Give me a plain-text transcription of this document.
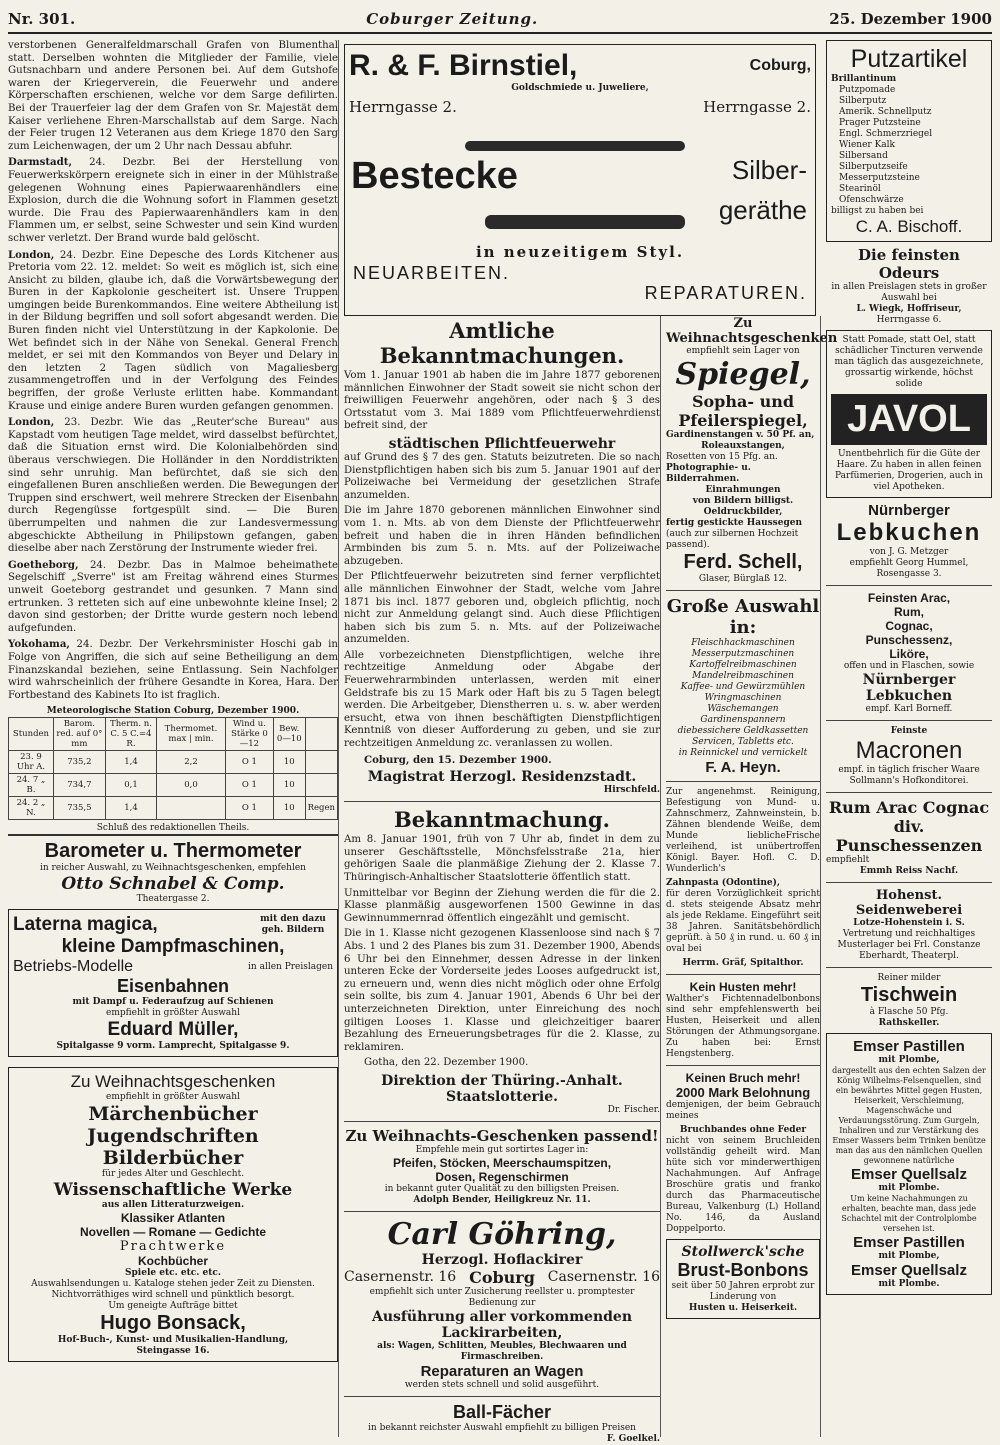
Nr. 301.	Coburger Zeitung.	25. Dezember 1900

verstorbenen Generalfeldmarschall Grafen von Blumenthal statt. Derselben wohnten die Mitglieder der Familie, viele Gutsnachbarn und andere Personen bei. Auf dem Gutshofe waren der Kriegerverein, die Feuerwehr und andere Körperschaften erschienen, welche vor dem Sarge defilirten. Bei der Trauerfeier lag der dem Grafen von Sr. Majestät dem Kaiser verliehene Ehren-Marschallstab auf dem Sarge. Nach der Feier trugen 12 Veteranen aus dem Kriege 1870 den Sarg zum Leichenwagen, der um 2 Uhr nach Dessau abfuhr.

Darmstadt, 24. Dezbr. Bei der Herstellung von Feuerwerkskörpern ereignete sich in einer in der Mühlstraße gelegenen Wohnung eines Papierwaarenhändlers eine Explosion, durch die die Wohnung sofort in Flammen gesetzt wurde. Die Frau des Papierwaarenhändlers kam in den Flammen um, er selbst, seine Schwester und sein Kind wurden schwer verletzt. Der Brand wurde bald gelöscht.

London, 24. Dezbr. Eine Depesche des Lords Kitchener aus Pretoria vom 22. 12. meldet: So weit es möglich ist, sich eine Ansicht zu bilden, glaube ich, daß die Vorwärtsbewegung der Buren in der Kapkolonie gescheitert ist. Unsere Truppen umgingen beide Burenkommandos. Eine weitere Abtheilung ist in der Bildung begriffen und soll sofort abgesandt werden. Die Buren finden nicht viel Unterstützung in der Kapkolonie. De Wet befindet sich in der Nähe von Senekal. General French meldet, er sei mit den Kommandos von Beyer und Delary in den letzten 2 Tagen südlich von Magaliesberg zusammengetroffen und in der Verfolgung des Feindes begriffen, der große Verluste erlitten habe. Kommandant Krause und einige andere Buren wurden gefangen genommen.

London, 23. Dezbr. Wie das „Reuter'sche Bureau" aus Kapstadt vom heutigen Tage meldet, wird dasselbst befürchtet, daß die Situation ernst wird. Die Kolonialbehörden sind überaus verschwiegen. Die Holländer in den Norddistrikten sind sehr unruhig. Man befürchtet, daß sie sich den eingefallenen Buren anschließen werden. Die Bewegungen der Truppen sind erschwert, weil mehrere Strecken der Eisenbahn durch Regengüsse fortgespült sind. — Die Buren überrumpelten und nahmen die zur Landesvermessung abgeschickte Abtheilung in Philipstown gefangen, gaben dieselbe aber nach Zerstörung der Instrumente wieder frei.

Goetheborg, 24. Dezbr. Das in Malmoe beheimathete Segelschiff „Sverre" ist am Freitag während eines Sturmes unweit Goeteborg gestrandet und gesunken. 7 Mann sind ertrunken. 3 retteten sich auf eine unbewohnte kleine Insel; 2 davon sind gestorben; der Dritte wurde gestern noch lebend aufgefunden.

Yokohama, 24. Dezbr. Der Verkehrsminister Hoschi gab in Folge von Angriffen, die sich auf seine Betheiligung an dem Finanzskandal beziehen, seine Entlassung. Sein Nachfolger wird wahrscheinlich der frühere Gesandte in Korea, Hara. Der Fortbestand des Kabinets Ito ist fraglich.

Meteorologische Station Coburg, Dezember 1900.
Stunden	Barom. red. auf 0° mm	Therm. n. C. 5 C.=4 R.	Thermomet. max | min.	Wind u. Stärke 0—12	Bew. 0—10	
23. 9 Uhr A.	735,2	1,4	2,2	O 1	10	
24. 7 „ B.	734,7	0,1	0,0	O 1	10	
24. 2 „ N.	735,5	1,4		O 1	10	Regen
Schluß des redaktionellen Theils.
Barometer u. Thermometer
in reicher Auswahl, zu Weihnachtsgeschenken, empfehlen
Otto Schnabel & Comp.
Theatergasse 2.
Laterna magica,	mit den dazu geh. Bildern
kleine Dampfmaschinen,
Betriebs-Modelle	in allen Preislagen
Eisenbahnen
mit Dampf u. Federaufzug auf Schienen
empfiehlt in größter Auswahl
Eduard Müller,
Spitalgasse 9 vorm. Lamprecht, Spitalgasse 9.
Zu Weihnachtsgeschenken
empfiehlt in größter Auswahl
Märchenbücher
Jugendschriften
Bilderbücher
für jedes Alter und Geschlecht.
Wissenschaftliche Werke
aus allen Litteraturzweigen.
Klassiker Atlanten
Novellen — Romane — Gedichte
Prachtwerke
Kochbücher
Spiele etc. etc. etc.
Auswahlsendungen u. Kataloge stehen jeder Zeit zu Diensten.
Nichtvorräthiges wird schnell und pünktlich besorgt.
Um geneigte Aufträge bittet
Hugo Bonsack,
Hof-Buch-, Kunst- und Musikalien-Handlung,
Steingasse 16.
R. & F. Birnstiel,	Coburg,
Goldschmiede u. Juweliere,
Herrngasse 2.	Herrngasse 2.
Bestecke	Silber-
geräthe
in neuzeitigem Styl.
NEUARBEITEN.
REPARATUREN.
Amtliche Bekanntmachungen.

Vom 1. Januar 1901 ab haben die im Jahre 1877 geborenen männlichen Einwohner der Stadt soweit sie nicht schon der freiwilligen Feuerwehr angehören, oder nach § 3 des Ortsstatut vom 3. Mai 1889 vom Pflichtfeuerwehrdienst befreit sind, der

städtischen Pflichtfeuerwehr

auf Grund des § 7 des gen. Statuts beizutreten. Die so nach Dienstpflichtigen haben sich bis zum 5. Januar 1901 auf der Polizeiwache bei Vermeidung der gesetzlichen Strafe anzumelden.

Die im Jahre 1870 geborenen männlichen Einwohner sind vom 1. n. Mts. ab von dem Dienste der Pflichtfeuerwehr befreit und haben die in ihren Händen befindlichen Armbinden bis zum 5. n. Mts. auf der Polizeiwache abzugeben.

Der Pflichtfeuerwehr beizutreten sind ferner verpflichtet alle männlichen Einwohner der Stadt, welche vom Jahre 1871 bis incl. 1877 geboren und, obgleich pflichtig, noch nicht zur Anmeldung gelangt sind. Auch diese Pflichtigen haben sich bis zum 5. n. Mts. auf der Polizeiwache anzumelden.

Alle vorbezeichneten Dienstpflichtigen, welche ihre rechtzeitige Anmeldung oder Abgabe der Feuerwehrarmbinden unterlassen, werden mit einer Geldstrafe bis zu 15 Mark oder Haft bis zu 5 Tagen belegt werden. Die Arbeitgeber, Dienstherren u. s. w. aber werden ersucht, etwa von ihnen beschäftigten Dienstpflichtigen Kenntniß von dieser Aufforderung zu geben, und sie zur rechtzeitigen Anmeldung zc. veranlassen zu wollen.

Coburg, den 15. Dezember 1900.

Magistrat Herzogl. Residenzstadt.
Hirschfeld.
Bekanntmachung.

Am 8. Januar 1901, früh von 7 Uhr ab, findet in dem zu unserer Geschäftsstelle, Mönchsfelsstraße 21a, hier gehörigen Saale die planmäßige Ziehung der 2. Klasse 7. Thüringisch-Anhaltischer Staatslotterie öffentlich statt.

Unmittelbar vor Beginn der Ziehung werden die für die 2. Klasse planmäßig ausgeworfenen 1500 Gewinne in das Gewinnummernrad öffentlich eingezählt und gemischt.

Die in 1. Klasse nicht gezogenen Klassenloose sind nach § 7 Abs. 1 und 2 des Planes bis zum 31. Dezember 1900, Abends 6 Uhr bei den Einnehmer, dessen Adresse in der linken unteren Ecke der Vorderseite jedes Looses aufgedruckt ist, zu erneuern und, wenn dies nicht möglich oder ohne Erfolg sein sollte, bis zum 4. Januar 1901, Abends 6 Uhr bei der unterzeichneten Direktion, unter Einreichung des noch giltigen Looses 1. Klasse und gleichzeitiger baarer Bezahlung des Erneuerungsbetrages für die 2. Klasse, zu reklamiren.

Gotha, den 22. Dezember 1900.

Direktion der Thüring.-Anhalt. Staatslotterie.
Dr. Fischer.
Zu Weihnachts-Geschenken passend!
Empfehle mein gut sortirtes Lager in:
Pfeifen, Stöcken, Meerschaumspitzen,
Dosen, Regenschirmen
in bekannt guter Qualität zu den billigsten Preisen.
Adolph Bender, Heiligkreuz Nr. 11.
Carl Göhring,
Herzogl. Hoflackirer
Casernenstr. 16 Coburg Casernenstr. 16
empfiehlt sich unter Zusicherung reellster u. promptester Bedienung zur
Ausführung aller vorkommenden Lackirarbeiten,
als: Wagen, Schlitten, Meubles, Blechwaaren und Firmaschreiben.
Reparaturen an Wagen
werden stets schnell und solid ausgeführt.
Ball-Fächer
in bekannt reichster Auswahl empfiehlt zu billigen Preisen
F. Goelkel.
Zu Weihnachtsgeschenken
empfiehlt sein Lager von
Spiegel,
Sopha- und
Pfeilerspiegel,
Gardinenstangen v. 50 Pf. an,
Roleauxstangen,
Rosetten von 15 Pfg. an.
Photographie- u. Bilderrahmen.
Einrahmungen
von Bildern billigst.
Oeldruckbilder,
fertig gestickte Haussegen
(auch zur silbernen Hochzeit passend).
Ferd. Schell,
Glaser, Bürglaß 12.
Große Auswahl in:
Fleischhackmaschinen
Messerputzmaschinen
Kartoffelreibmaschinen
Mandelreibmaschinen
Kaffee- und Gewürzmühlen
Wringmaschinen
Wäschemangen
Gardinenspannern
diebessichere Geldkassetten
Servicen, Tabletts etc.
in Reinnickel und vernickelt
F. A. Heyn.

Zur angenehmst. Reinigung, Befestigung von Mund- u. Zahnschmerz, Zahnweinstein, b. Zähnen blendende Weiße, dem Munde lieblicheFrische verleihend, ist unübertroffen Königl. Bayer. Hofl. C. D. Wunderlich's

Zahnpasta (Odontine),

für deren Vorzüglichkeit spricht d. stets steigende Absatz mehr als jede Reklame. Eingeführt seit 38 Jahren. Sanitätsbehördlich geprüft. à 50 ₰ in rund. u. 60 ₰ in oval bei

Herrm. Gräf, Spitalthor.
Kein Husten mehr!

Walther's Fichtennadelbonbons sind sehr empfehlenswerth bei Husten, Heiserkeit und allen Störungen der Athmungsorgane. Zu haben bei: Ernst Hengstenberg.

Keinen Bruch mehr!
2000 Mark Belohnung

demjenigen, der beim Gebrauch meines

Bruchbandes ohne Feder

nicht von seinem Bruchleiden vollständig geheilt wird. Man hüte sich vor minderwerthigen Nachahmungen. Auf Anfrage Broschüre gratis und franko durch das Pharmaceutische Bureau, Valkenburg (L) Holland No. 146, da Ausland Doppelporto.

Stollwerck'sche
Brust-Bonbons
seit über 50 Jahren erprobt zur Linderung von
Husten u. Heiserkeit.
Putzartikel
Brillantinum
Putzpomade
Silberputz
Amerik. Schnellputz
Prager Putzsteine
Engl. Schmerzriegel
Wiener Kalk
Silbersand
Silberputzseife
Messerputzsteine
Stearinöl
Ofenschwärze
billigst zu haben bei
C. A. Bischoff.
Die feinsten Odeurs
in allen Preislagen stets in großer Auswahl bei
L. Wiegk, Hoffriseur,
Herrngasse 6.
Statt Pomade, statt Oel, statt schädlicher Tincturen verwende man täglich das ausgezeichnete, grossartig wirkende, höchst solide
JAVOL
Unentbehrlich für die Güte der Haare. Zu haben in allen feinen Parfümerien, Drogerien, auch in viel Apotheken.
Nürnberger
Lebkuchen
von J. G. Metzger
empfiehlt Georg Hummel, Rosengasse 3.
Feinsten Arac,
Rum,
Cognac,
Punschessenz,
Liköre,
offen und in Flaschen, sowie
Nürnberger Lebkuchen
empf. Karl Borneff.
Feinste
Macronen
empf. in täglich frischer Waare Sollmann's Hofkonditorei.
Rum Arac Cognac
div. Punschessenzen
empfiehlt
Emmh Reiss Nachf.
Hohenst. Seidenweberei
Lotze-Hohenstein i. S.
Vertretung und reichhaltiges Musterlager bei Frl. Constanze Eberhardt, Theaterpl.
Reiner milder
Tischwein
à Flasche 50 Pfg.
Rathskeller.
Emser Pastillen
mit Plombe,
dargestellt aus den echten Salzen der König Wilhelms-Felsenquellen, sind ein bewährtes Mittel gegen Husten, Heiserkeit, Verschleimung, Magenschwäche und Verdauungsstörung. Zum Gurgeln, Inhaliren und zur Verstärkung des Emser Wassers beim Trinken benütze man das aus den nämlichen Quellen gewonnene natürliche
Emser Quellsalz
mit Plombe.
Um keine Nachahmungen zu erhalten, beachte man, dass jede Schachtel mit der Controlplombe versehen ist.
Emser Pastillen
mit Plombe,
Emser Quellsalz
mit Plombe.
